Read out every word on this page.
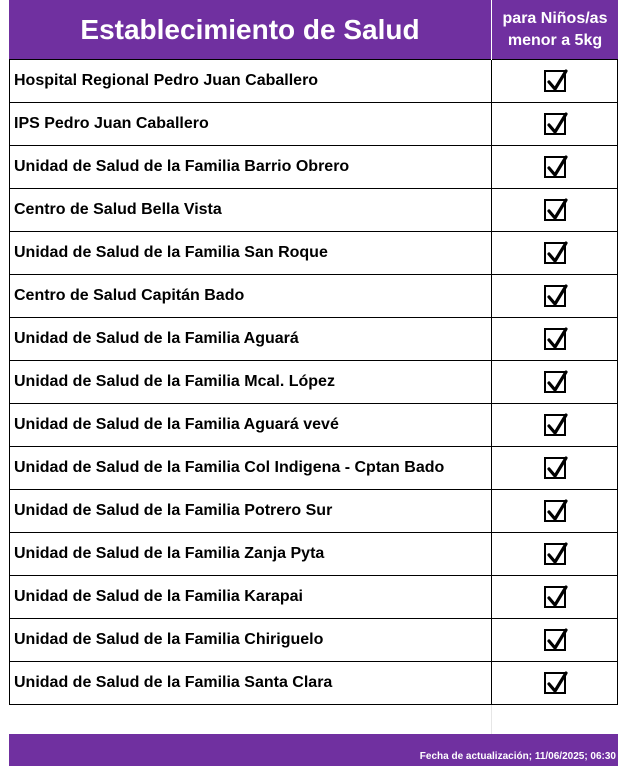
Establecimiento de Salud	para Niños/as
menor a 5kg
Hospital Regional Pedro Juan Caballero
IPS Pedro Juan Caballero
Unidad de Salud de la Familia Barrio Obrero
Centro de Salud Bella Vista
Unidad de Salud de la Familia San Roque
Centro de Salud Capitán Bado
Unidad de Salud de la Familia Aguará
Unidad de Salud de la Familia Mcal. López
Unidad de Salud de la Familia Aguará vevé
Unidad de Salud de la Familia Col Indigena - Cptan Bado
Unidad de Salud de la Familia Potrero Sur
Unidad de Salud de la Familia Zanja Pyta
Unidad de Salud de la Familia Karapai
Unidad de Salud de la Familia Chiriguelo
Unidad de Salud de la Familia Santa Clara
Fecha de actualización; 11/06/2025; 06:30
